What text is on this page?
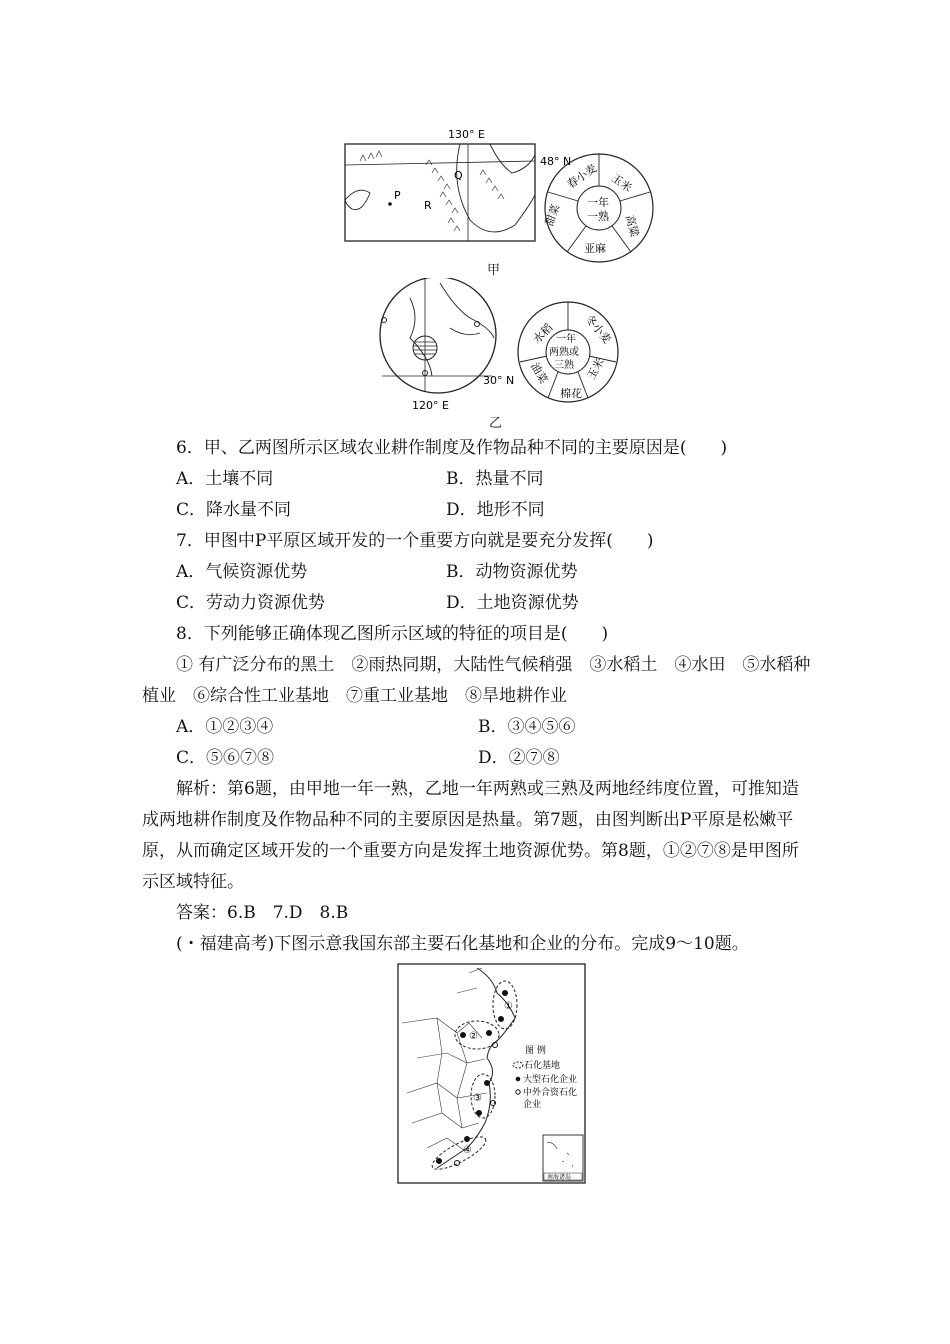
130° E
48° N
P
Q
R
春小麦 玉米
高粱
亚麻
甜菜
一年
一熟
甲
30° N
120° E
水稻 冬小麦
玉米
棉花
油菜
一年
两熟或
三熟
乙
6．甲、乙两图所示区域农业耕作制度及作物品种不同的主要原因是(　　)
A．土壤不同	B．热量不同
C．降水量不同	D．地形不同
7．甲图中P平原区域开发的一个重要方向就是要充分发挥(　　)
A．气候资源优势	B．动物资源优势
C．劳动力资源优势	D．土地资源优势
8．下列能够正确体现乙图所示区域的特征的项目是(　　)
① 有广泛分布的黑土　②雨热同期，大陆性气候稍强　③水稻土　④水田　⑤水稻种
植业　⑥综合性工业基地　⑦重工业基地　⑧旱地耕作业
A．①②③④	B．③④⑤⑥
C．⑤⑥⑦⑧	D．②⑦⑧
解析：第6题，由甲地一年一熟，乙地一年两熟或三熟及两地经纬度位置，可推知造
成两地耕作制度及作物品种不同的主要原因是热量。第7题，由图判断出P平原是松嫩平
原，从而确定区域开发的一个重要方向是发挥土地资源优势。第8题，①②⑦⑧是甲图所
示区域特征。
答案：6.B　7.D　8.B
(・福建高考)下图示意我国东部主要石化基地和企业的分布。完成9～10题。
①
②
③
④
图 例
石化基地
大型石化企业
中外合资石化
企业
南海诸岛
